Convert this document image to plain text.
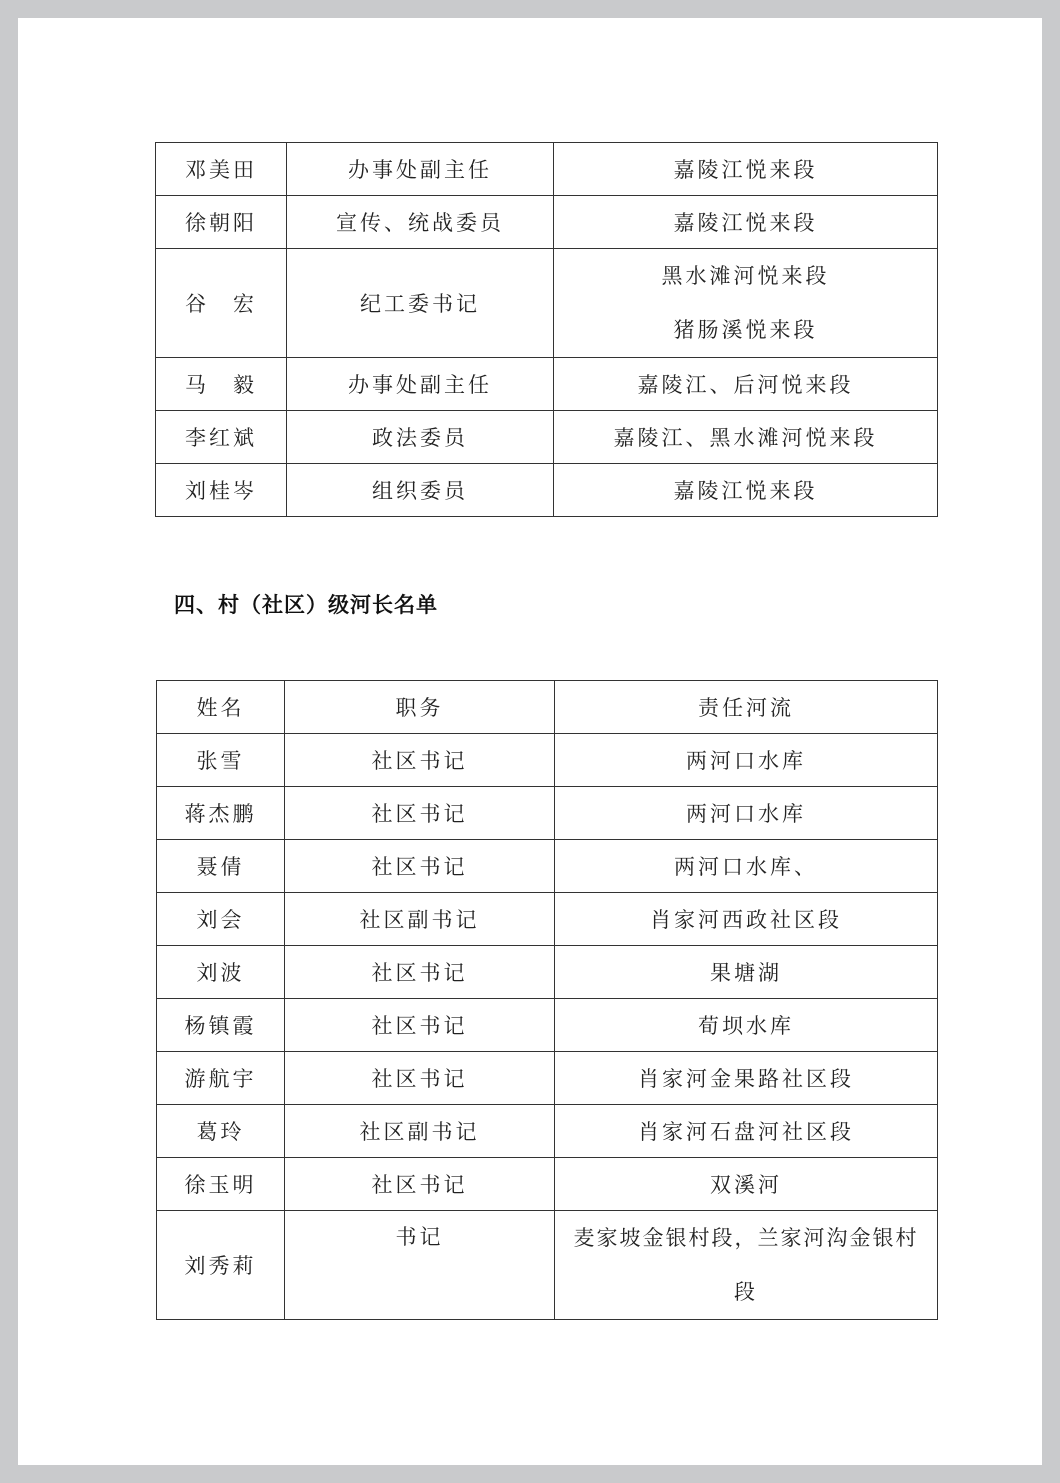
邓美田	办事处副主任	嘉陵江悦来段
徐朝阳	宣传、统战委员	嘉陵江悦来段
谷　宏	纪工委书记	黑水滩河悦来段
猪肠溪悦来段

马　毅	办事处副主任	嘉陵江、后河悦来段
李红斌	政法委员	嘉陵江、黑水滩河悦来段
刘桂岑	组织委员	嘉陵江悦来段
四、村（社区）级河长名单
姓名	职务	责任河流
张雪	社区书记	两河口水库
蒋杰鹏	社区书记	两河口水库
聂倩	社区书记	两河口水库、
刘会	社区副书记	肖家河西政社区段
刘波	社区书记	果塘湖
杨镇霞	社区书记	荀坝水库
游航宇	社区书记	肖家河金果路社区段
葛玲	社区副书记	肖家河石盘河社区段
徐玉明	社区书记	双溪河
刘秀莉	书记	麦家坡金银村段，兰家河沟金银村
段
